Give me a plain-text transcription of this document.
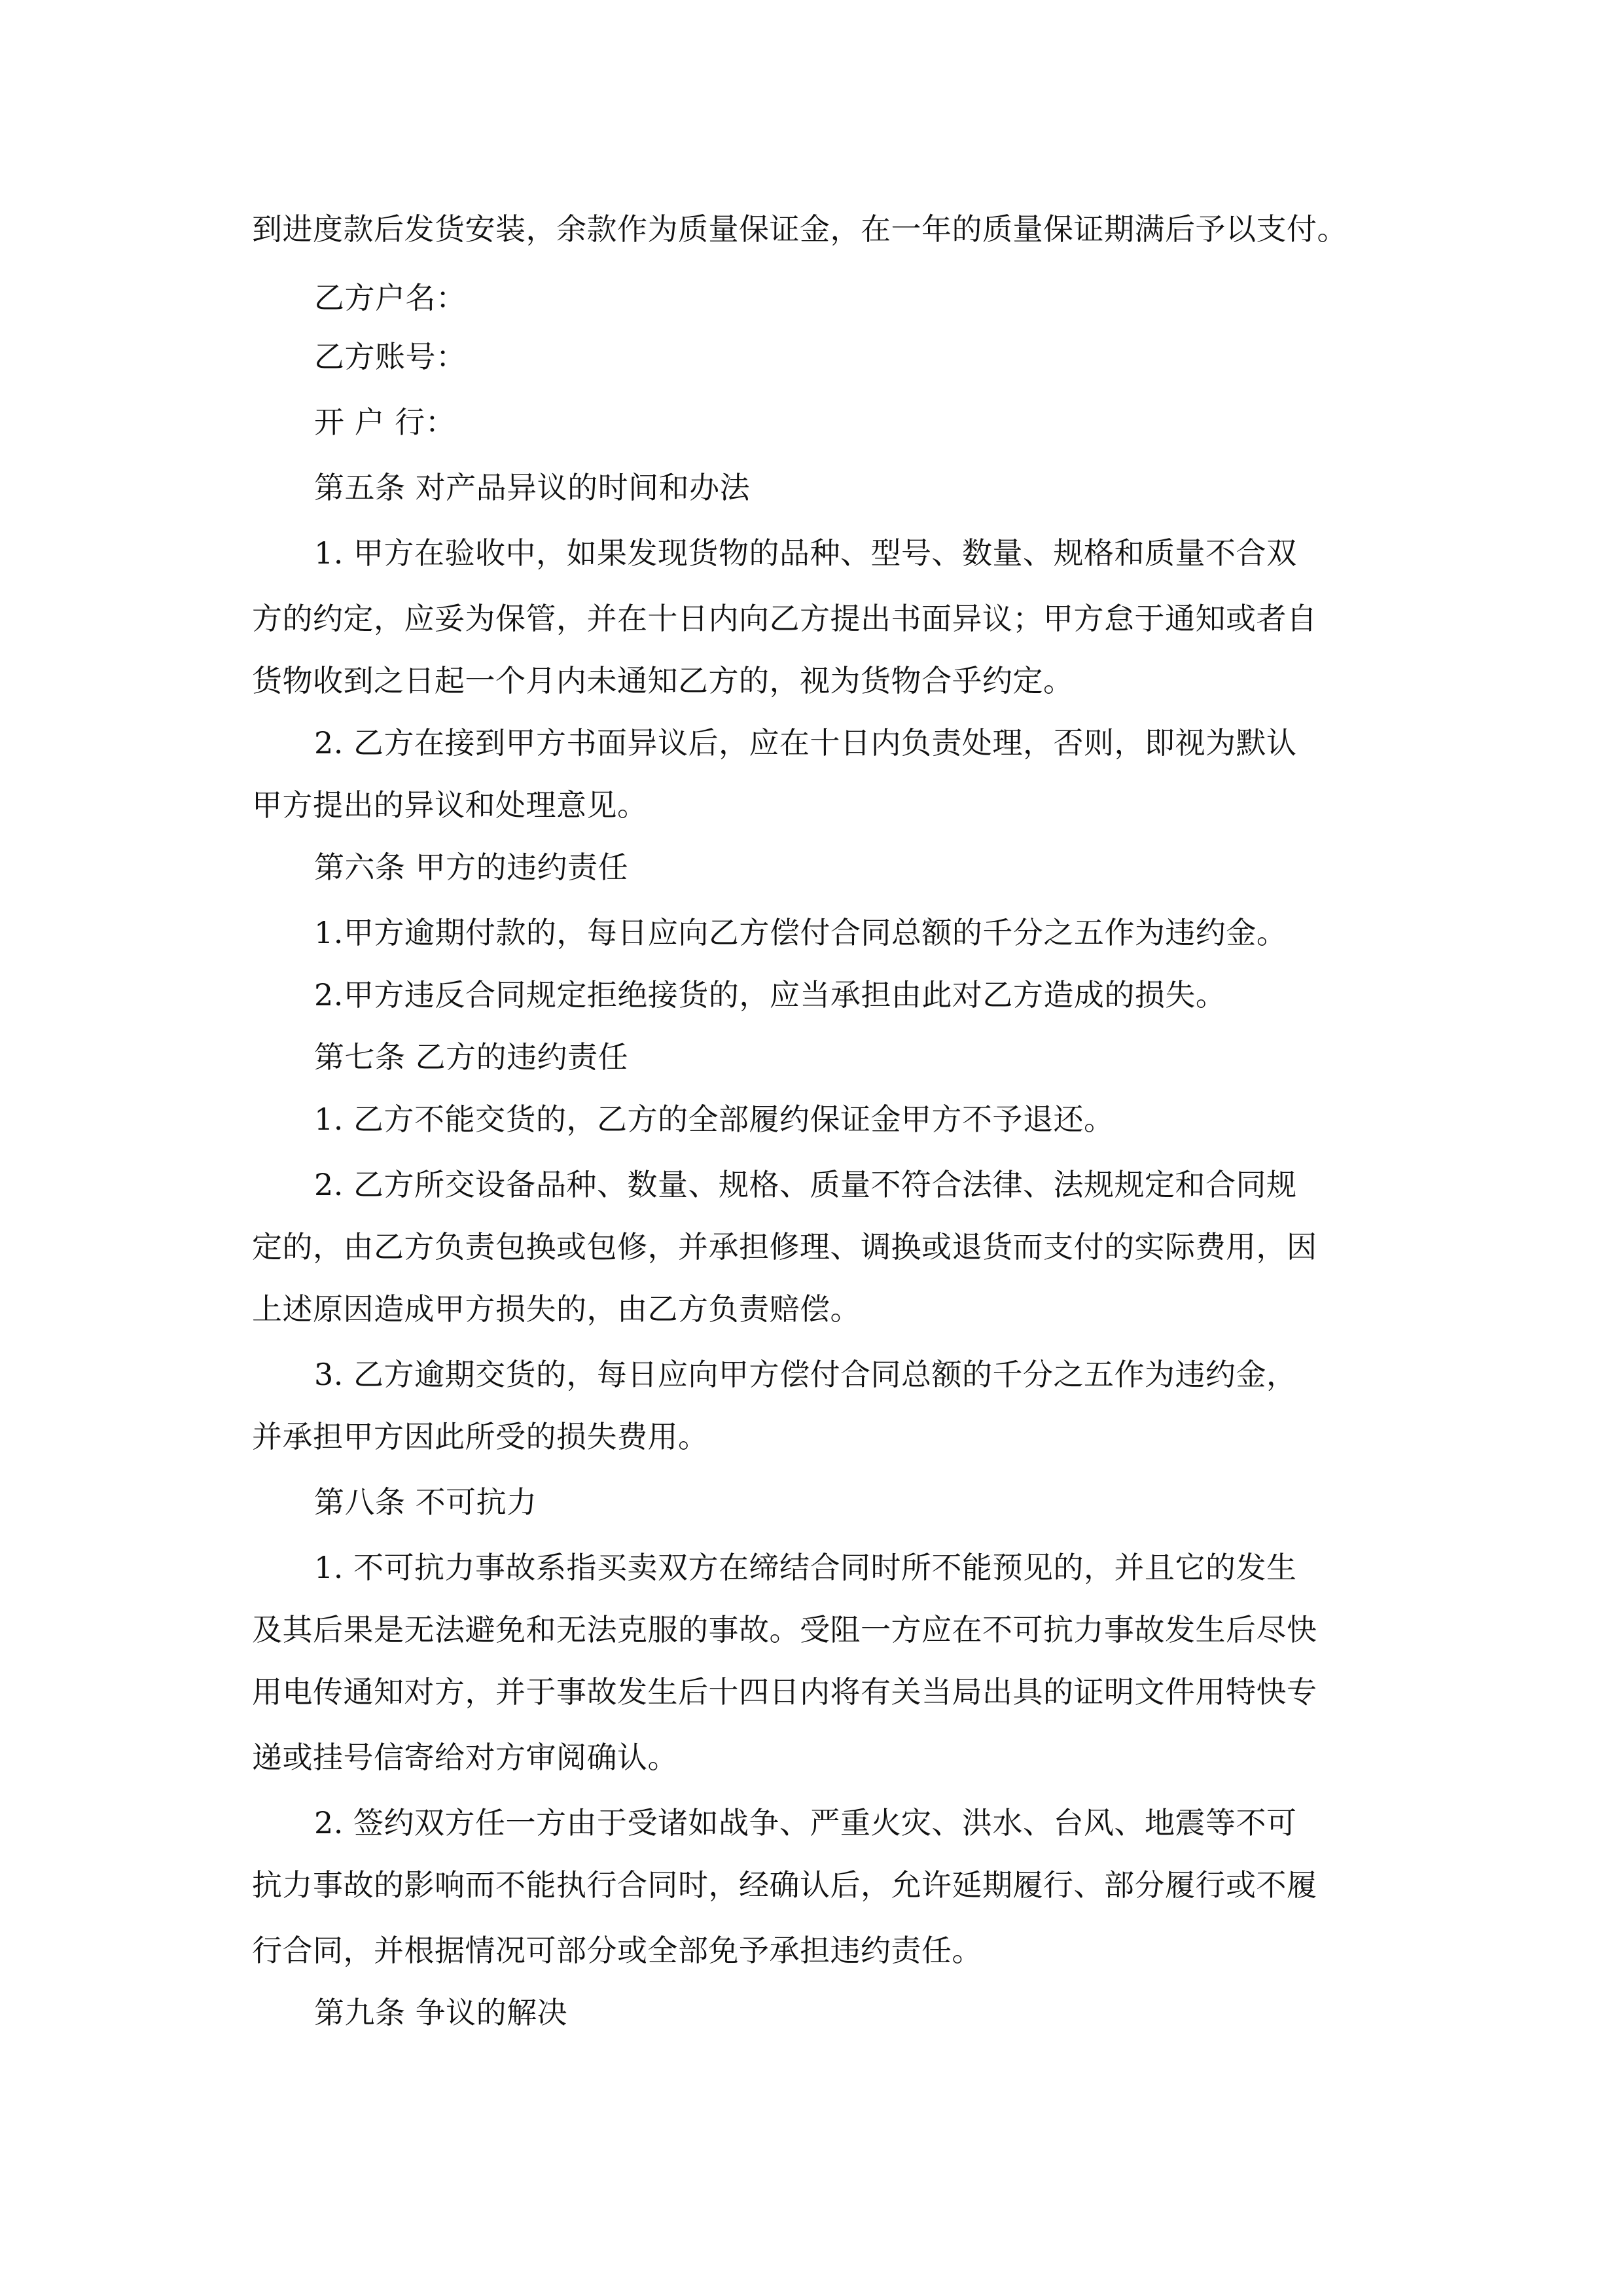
到进度款后发货安装，余款作为质量保证金，在一年的质量保证期满后予以支付。
乙方户名：
乙方账号：
开 户 行：
第五条 对产品异议的时间和办法
1. 甲方在验收中，如果发现货物的品种、型号、数量、规格和质量不合双
方的约定，应妥为保管，并在十日内向乙方提出书面异议；甲方怠于通知或者自
货物收到之日起一个月内未通知乙方的，视为货物合乎约定。
2. 乙方在接到甲方书面异议后，应在十日内负责处理，否则，即视为默认
甲方提出的异议和处理意见。
第六条 甲方的违约责任
1.甲方逾期付款的，每日应向乙方偿付合同总额的千分之五作为违约金。
2.甲方违反合同规定拒绝接货的，应当承担由此对乙方造成的损失。
第七条 乙方的违约责任
1. 乙方不能交货的，乙方的全部履约保证金甲方不予退还。
2. 乙方所交设备品种、数量、规格、质量不符合法律、法规规定和合同规
定的，由乙方负责包换或包修，并承担修理、调换或退货而支付的实际费用，因
上述原因造成甲方损失的，由乙方负责赔偿。
3. 乙方逾期交货的，每日应向甲方偿付合同总额的千分之五作为违约金，
并承担甲方因此所受的损失费用。
第八条 不可抗力
1. 不可抗力事故系指买卖双方在缔结合同时所不能预见的，并且它的发生
及其后果是无法避免和无法克服的事故。受阻一方应在不可抗力事故发生后尽快
用电传通知对方，并于事故发生后十四日内将有关当局出具的证明文件用特快专
递或挂号信寄给对方审阅确认。
2. 签约双方任一方由于受诸如战争、严重火灾、洪水、台风、地震等不可
抗力事故的影响而不能执行合同时，经确认后，允许延期履行、部分履行或不履
行合同，并根据情况可部分或全部免予承担违约责任。
第九条 争议的解决
